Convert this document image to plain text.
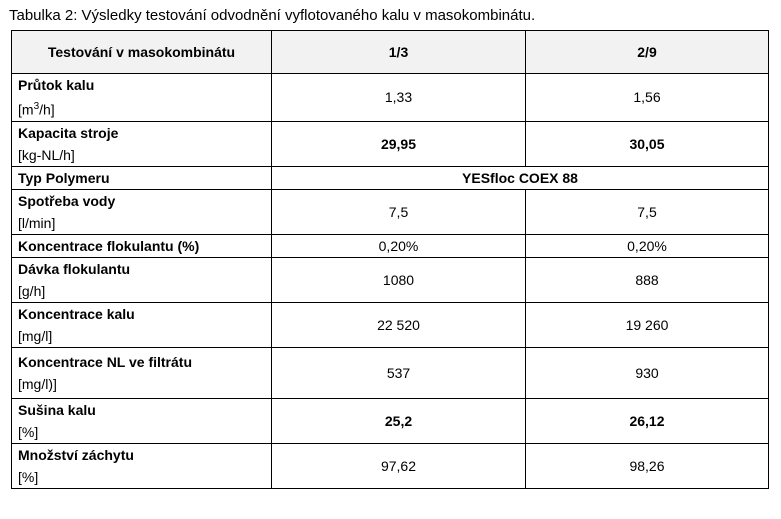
Tabulka 2: Výsledky testování odvodnění vyflotovaného kalu v masokombinátu.
Testování v masokombinátu	1/3	2/9

Průtok kalu
$[m^3/h]$	1,33	1,56

Kapacita stroje
[kg-NL/h]	29,95	30,05

Typ Polymeru	YESfloc COEX 88	

Spotřeba vody
[l/min]	7,5	7,5

Koncentrace flokulantu (%)	0,20%	0,20%

Dávka flokulantu
[g/h]	1080	888

Koncentrace kalu
[mg/l]	22 520	19 260

Koncentrace NL ve filtrátu
[mg/l)]	537	930

Sušina kalu
[%]	25,2	26,12

Množství záchytu
[%]	97,62	98,26
